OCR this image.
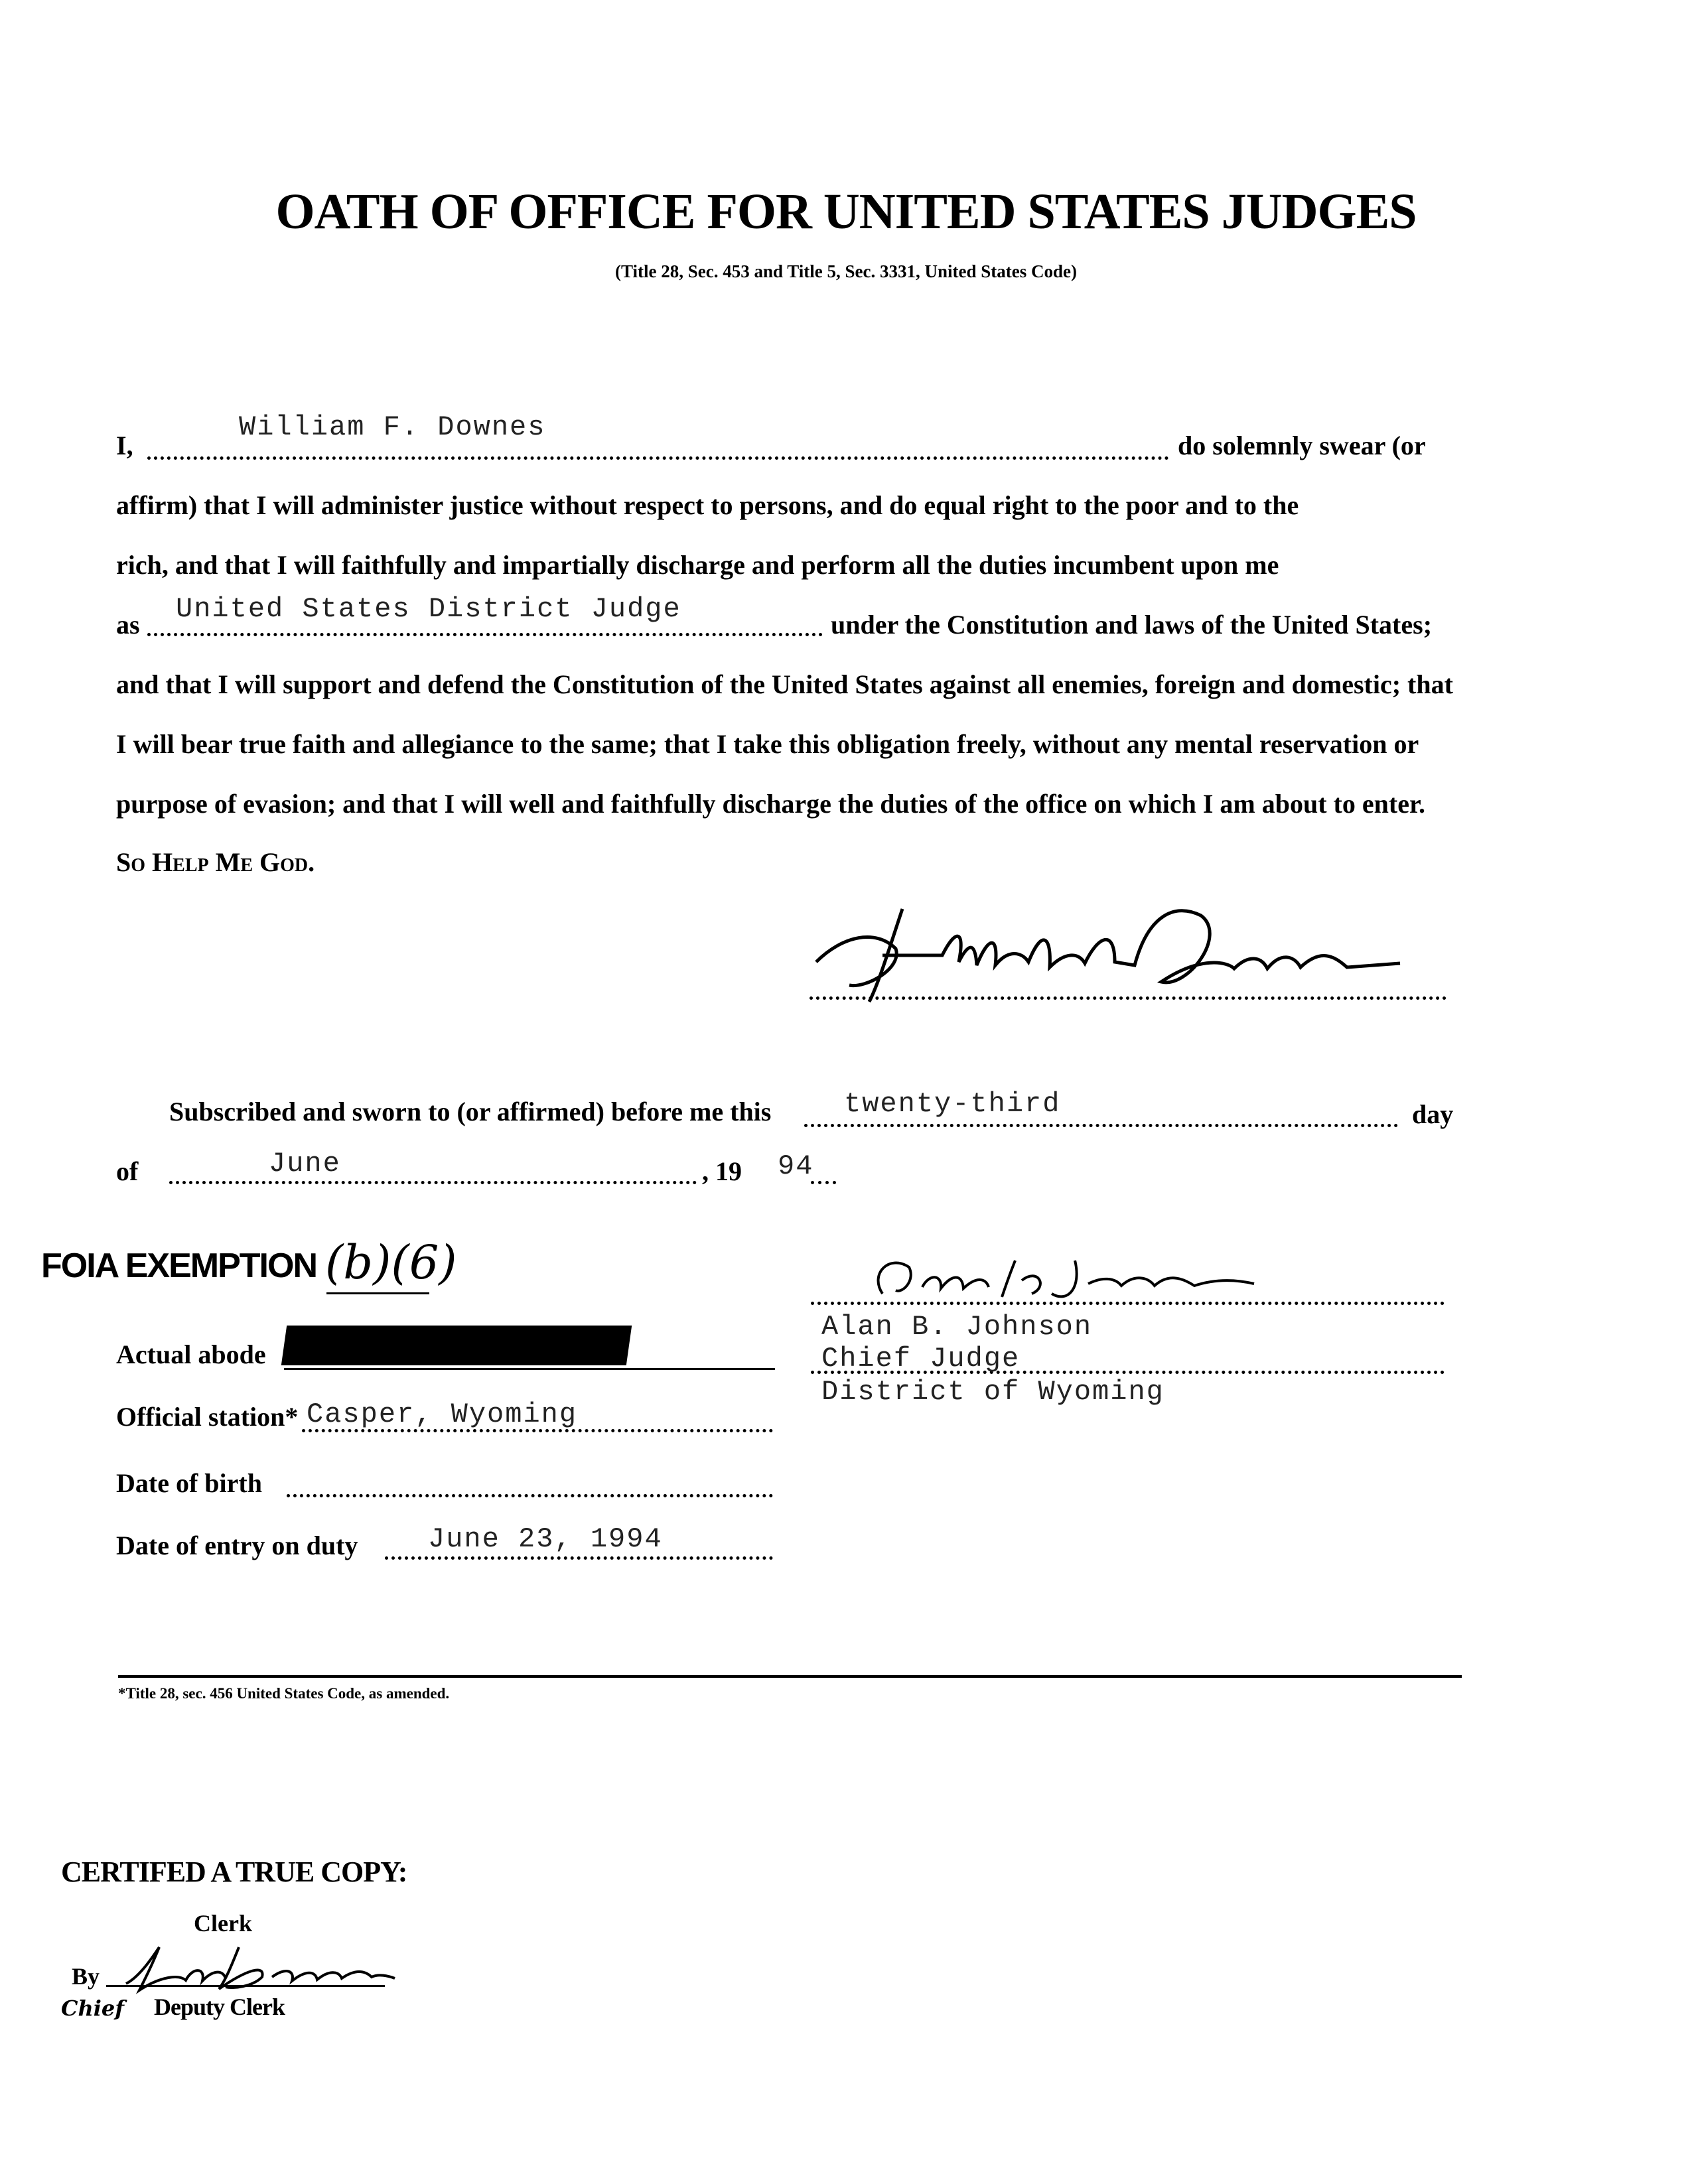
OATH OF OFFICE FOR UNITED STATES JUDGES
(Title 28, Sec. 453 and Title 5, Sec. 3331, United States Code)
I,
William F. Downes
do solemnly swear (or
affirm) that I will administer justice without respect to persons, and do equal right to the poor and to the
rich, and that I will faithfully and impartially discharge and perform all the duties incumbent upon me
as United States District Judge	under the Constitution and laws of the United States;
and that I will support and defend the Constitution of the United States against all enemies, foreign and domestic; that
I will bear true faith and allegiance to the same; that I take this obligation freely, without any mental reservation or
purpose of evasion; and that I will well and faithfully discharge the duties of the office on which I am about to enter.
So Help Me God.
Subscribed and sworn to (or affirmed) before me this	twenty-third	day
of	June	, 19 94
FOIA EXEMPTION (b)(6)
Alan B. Johnson
Chief Judge
District of Wyoming
Actual abode
Official station* Casper, Wyoming
Date of birth
Date of entry on duty	June 23, 1994
*Title 28, sec. 456 United States Code, as amended.
CERTIFED A TRUE COPY:
Clerk
By
Chief Deputy Clerk
